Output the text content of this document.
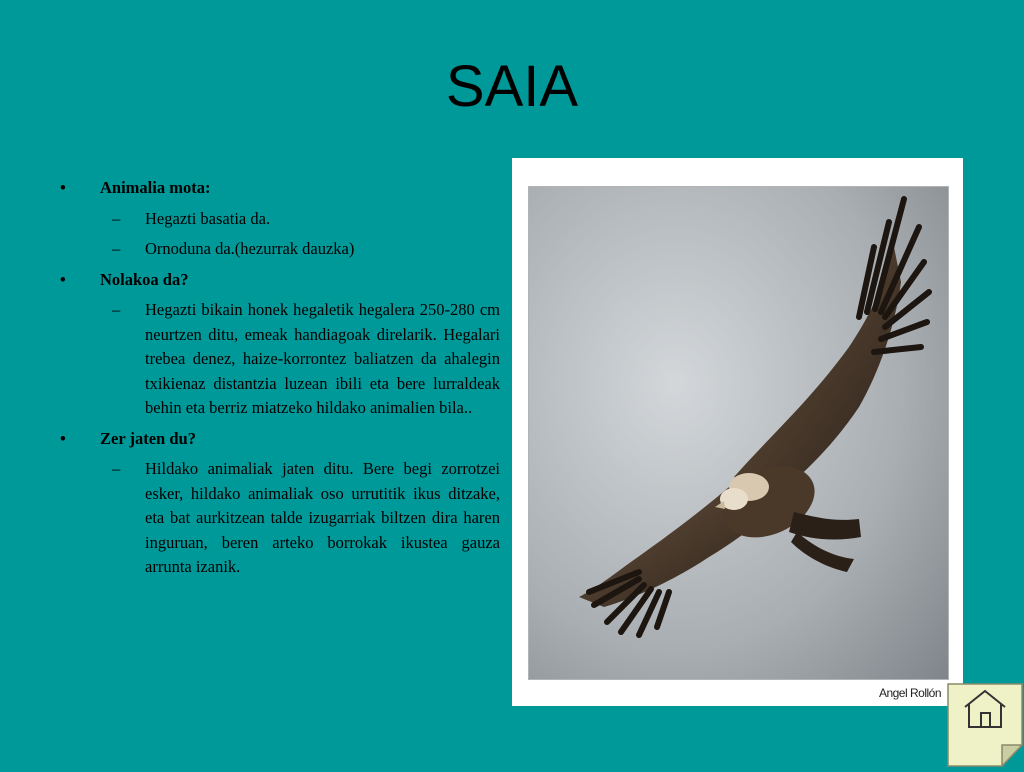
SAIA
• Animalia mota:
– Hegazti basatia da.
– Ornoduna da.(hezurrak dauzka)
• Nolakoa da?
– Hegazti bikain honek hegaletik hegalera 250-280 cm neurtzen ditu, emeak handiagoak direlarik. Hegalari trebea denez, haize-korrontez baliatzen da ahalegin txikienaz distantzia luzean ibili eta bere lurraldeak behin eta berriz miatzeko hildako animalien bila..
• Zer jaten du?
– Hildako animaliak jaten ditu. Bere begi zorrotzei esker, hildako animaliak oso urrutitik ikus ditzake, eta bat aurkitzean talde izugarriak biltzen dira haren inguruan, beren arteko borrokak ikustea gauza arrunta izanik.
Angel Rollón
